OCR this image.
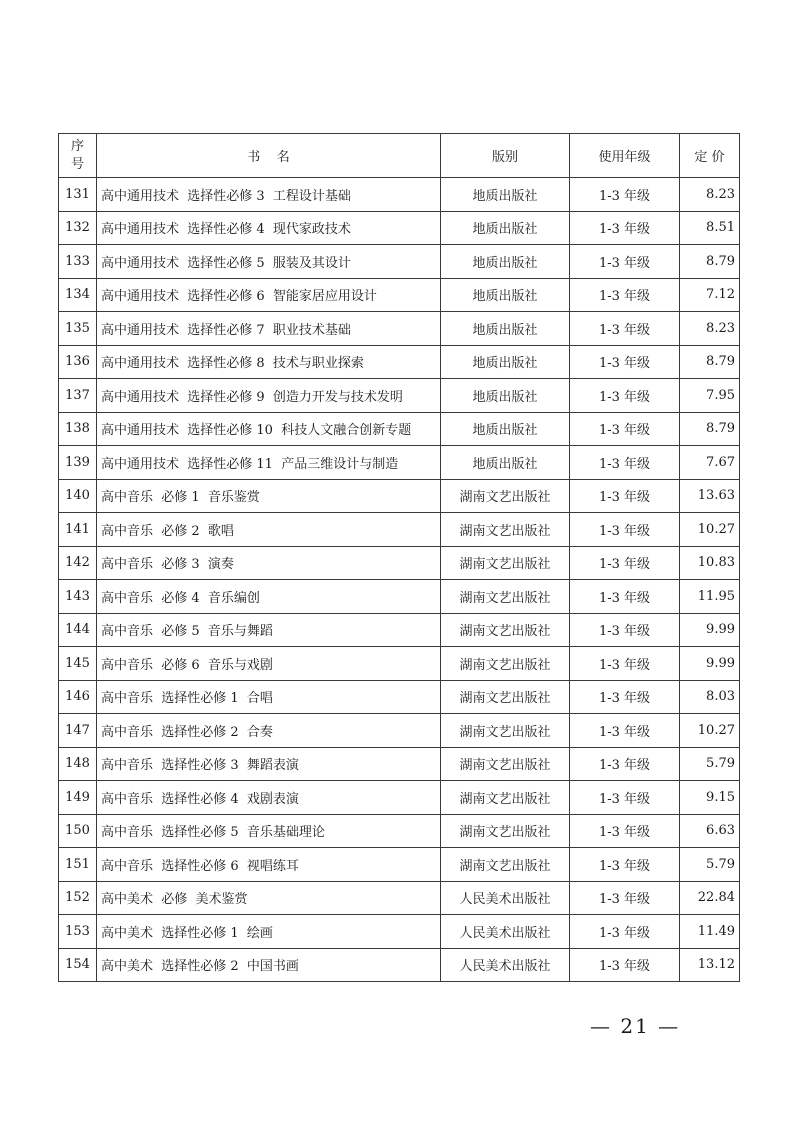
序
号	书    名	版别	使用年级	定 价
131	高中通用技术  选择性必修 3  工程设计基础	地质出版社	1-3 年级	8.23
132	高中通用技术  选择性必修 4  现代家政技术	地质出版社	1-3 年级	8.51
133	高中通用技术  选择性必修 5  服装及其设计	地质出版社	1-3 年级	8.79
134	高中通用技术  选择性必修 6  智能家居应用设计	地质出版社	1-3 年级	7.12
135	高中通用技术  选择性必修 7  职业技术基础	地质出版社	1-3 年级	8.23
136	高中通用技术  选择性必修 8  技术与职业探索	地质出版社	1-3 年级	8.79
137	高中通用技术  选择性必修 9  创造力开发与技术发明	地质出版社	1-3 年级	7.95
138	高中通用技术  选择性必修 10  科技人文融合创新专题	地质出版社	1-3 年级	8.79
139	高中通用技术  选择性必修 11  产品三维设计与制造	地质出版社	1-3 年级	7.67
140	高中音乐  必修 1  音乐鉴赏	湖南文艺出版社	1-3 年级	13.63
141	高中音乐  必修 2  歌唱	湖南文艺出版社	1-3 年级	10.27
142	高中音乐  必修 3  演奏	湖南文艺出版社	1-3 年级	10.83
143	高中音乐  必修 4  音乐编创	湖南文艺出版社	1-3 年级	11.95
144	高中音乐  必修 5  音乐与舞蹈	湖南文艺出版社	1-3 年级	9.99
145	高中音乐  必修 6  音乐与戏剧	湖南文艺出版社	1-3 年级	9.99
146	高中音乐  选择性必修 1  合唱	湖南文艺出版社	1-3 年级	8.03
147	高中音乐  选择性必修 2  合奏	湖南文艺出版社	1-3 年级	10.27
148	高中音乐  选择性必修 3  舞蹈表演	湖南文艺出版社	1-3 年级	5.79
149	高中音乐  选择性必修 4  戏剧表演	湖南文艺出版社	1-3 年级	9.15
150	高中音乐  选择性必修 5  音乐基础理论	湖南文艺出版社	1-3 年级	6.63
151	高中音乐  选择性必修 6  视唱练耳	湖南文艺出版社	1-3 年级	5.79
152	高中美术  必修  美术鉴赏	人民美术出版社	1-3 年级	22.84
153	高中美术  选择性必修 1  绘画	人民美术出版社	1-3 年级	11.49
154	高中美术  选择性必修 2  中国书画	人民美术出版社	1-3 年级	13.12
— 21 —
